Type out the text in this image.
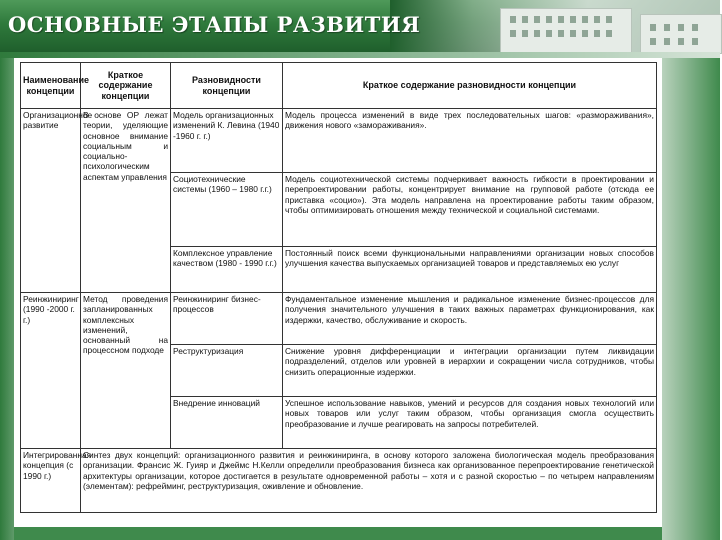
ОСНОВНЫЕ ЭТАПЫ РАЗВИТИЯ
Наименование концепции	Краткое содержание концепции	Разновидности концепции	Краткое содержание разновидности концепции
Организационное развитие	В основе ОР лежат теории, уделяющие основное внимание социальным и социально-психологическим аспектам управления	Модель организационных изменений К. Левина (1940 -1960 г. г.)	Модель процесса изменений в виде трех последовательных шагов: «размораживания», движения нового «замораживания».
		Социотехнические системы (1960 – 1980 г.г.)	Модель социотехнической системы подчеркивает важность гибкости в проектировании и перепроектировании работы, концентрирует внимание на групповой работе (отсюда ее приставка «социо»). Эта модель направлена на проектирование работы таким образом, чтобы оптимизировать отношения между технической и социальной системами.
		Комплексное управление качеством (1980 - 1990 г.г.)	Постоянный поиск всеми функциональными направлениями организации новых способов улучшения качества выпускаемых организацией товаров и представляемых ею услуг
Реинжиниринг (1990 -2000 г. г.)	Метод проведения запланированных комплексных изменений, основанный на процессном подходе	Реинжиниринг бизнес-процессов	Фундаментальное изменение мышления и радикальное изменение бизнес-процессов для получения значительного улучшения в таких важных параметрах функционирования, как издержки, качество, обслуживание и скорость.
		Реструктуризация	Снижение уровня дифференциации и интеграции организации путем ликвидации подразделений, отделов или уровней в иерархии и сокращении числа сотрудников, чтобы снизить операционные издержки.
		Внедрение инноваций	Успешное использование навыков, умений и ресурсов для создания новых технологий или новых товаров или услуг таким образом, чтобы организация смогла осуществить преобразование и лучше реагировать на запросы потребителей.
Интегрированная концепция (с 1990 г.)	Синтез двух концепций: организационного развития и реинжиниринга, в основу которого заложена биологическая модель преобразования организации. Франсис Ж. Гуияр и Джеймс Н.Келли определили преобразования бизнеса как организованное перепроектирование генетической архитектуры организации, которое достигается в результате одновременной работы – хотя и с разной скоростью – по четырем направлениям (элементам): рефрейминг, реструктуризация, оживление и обновление.		
